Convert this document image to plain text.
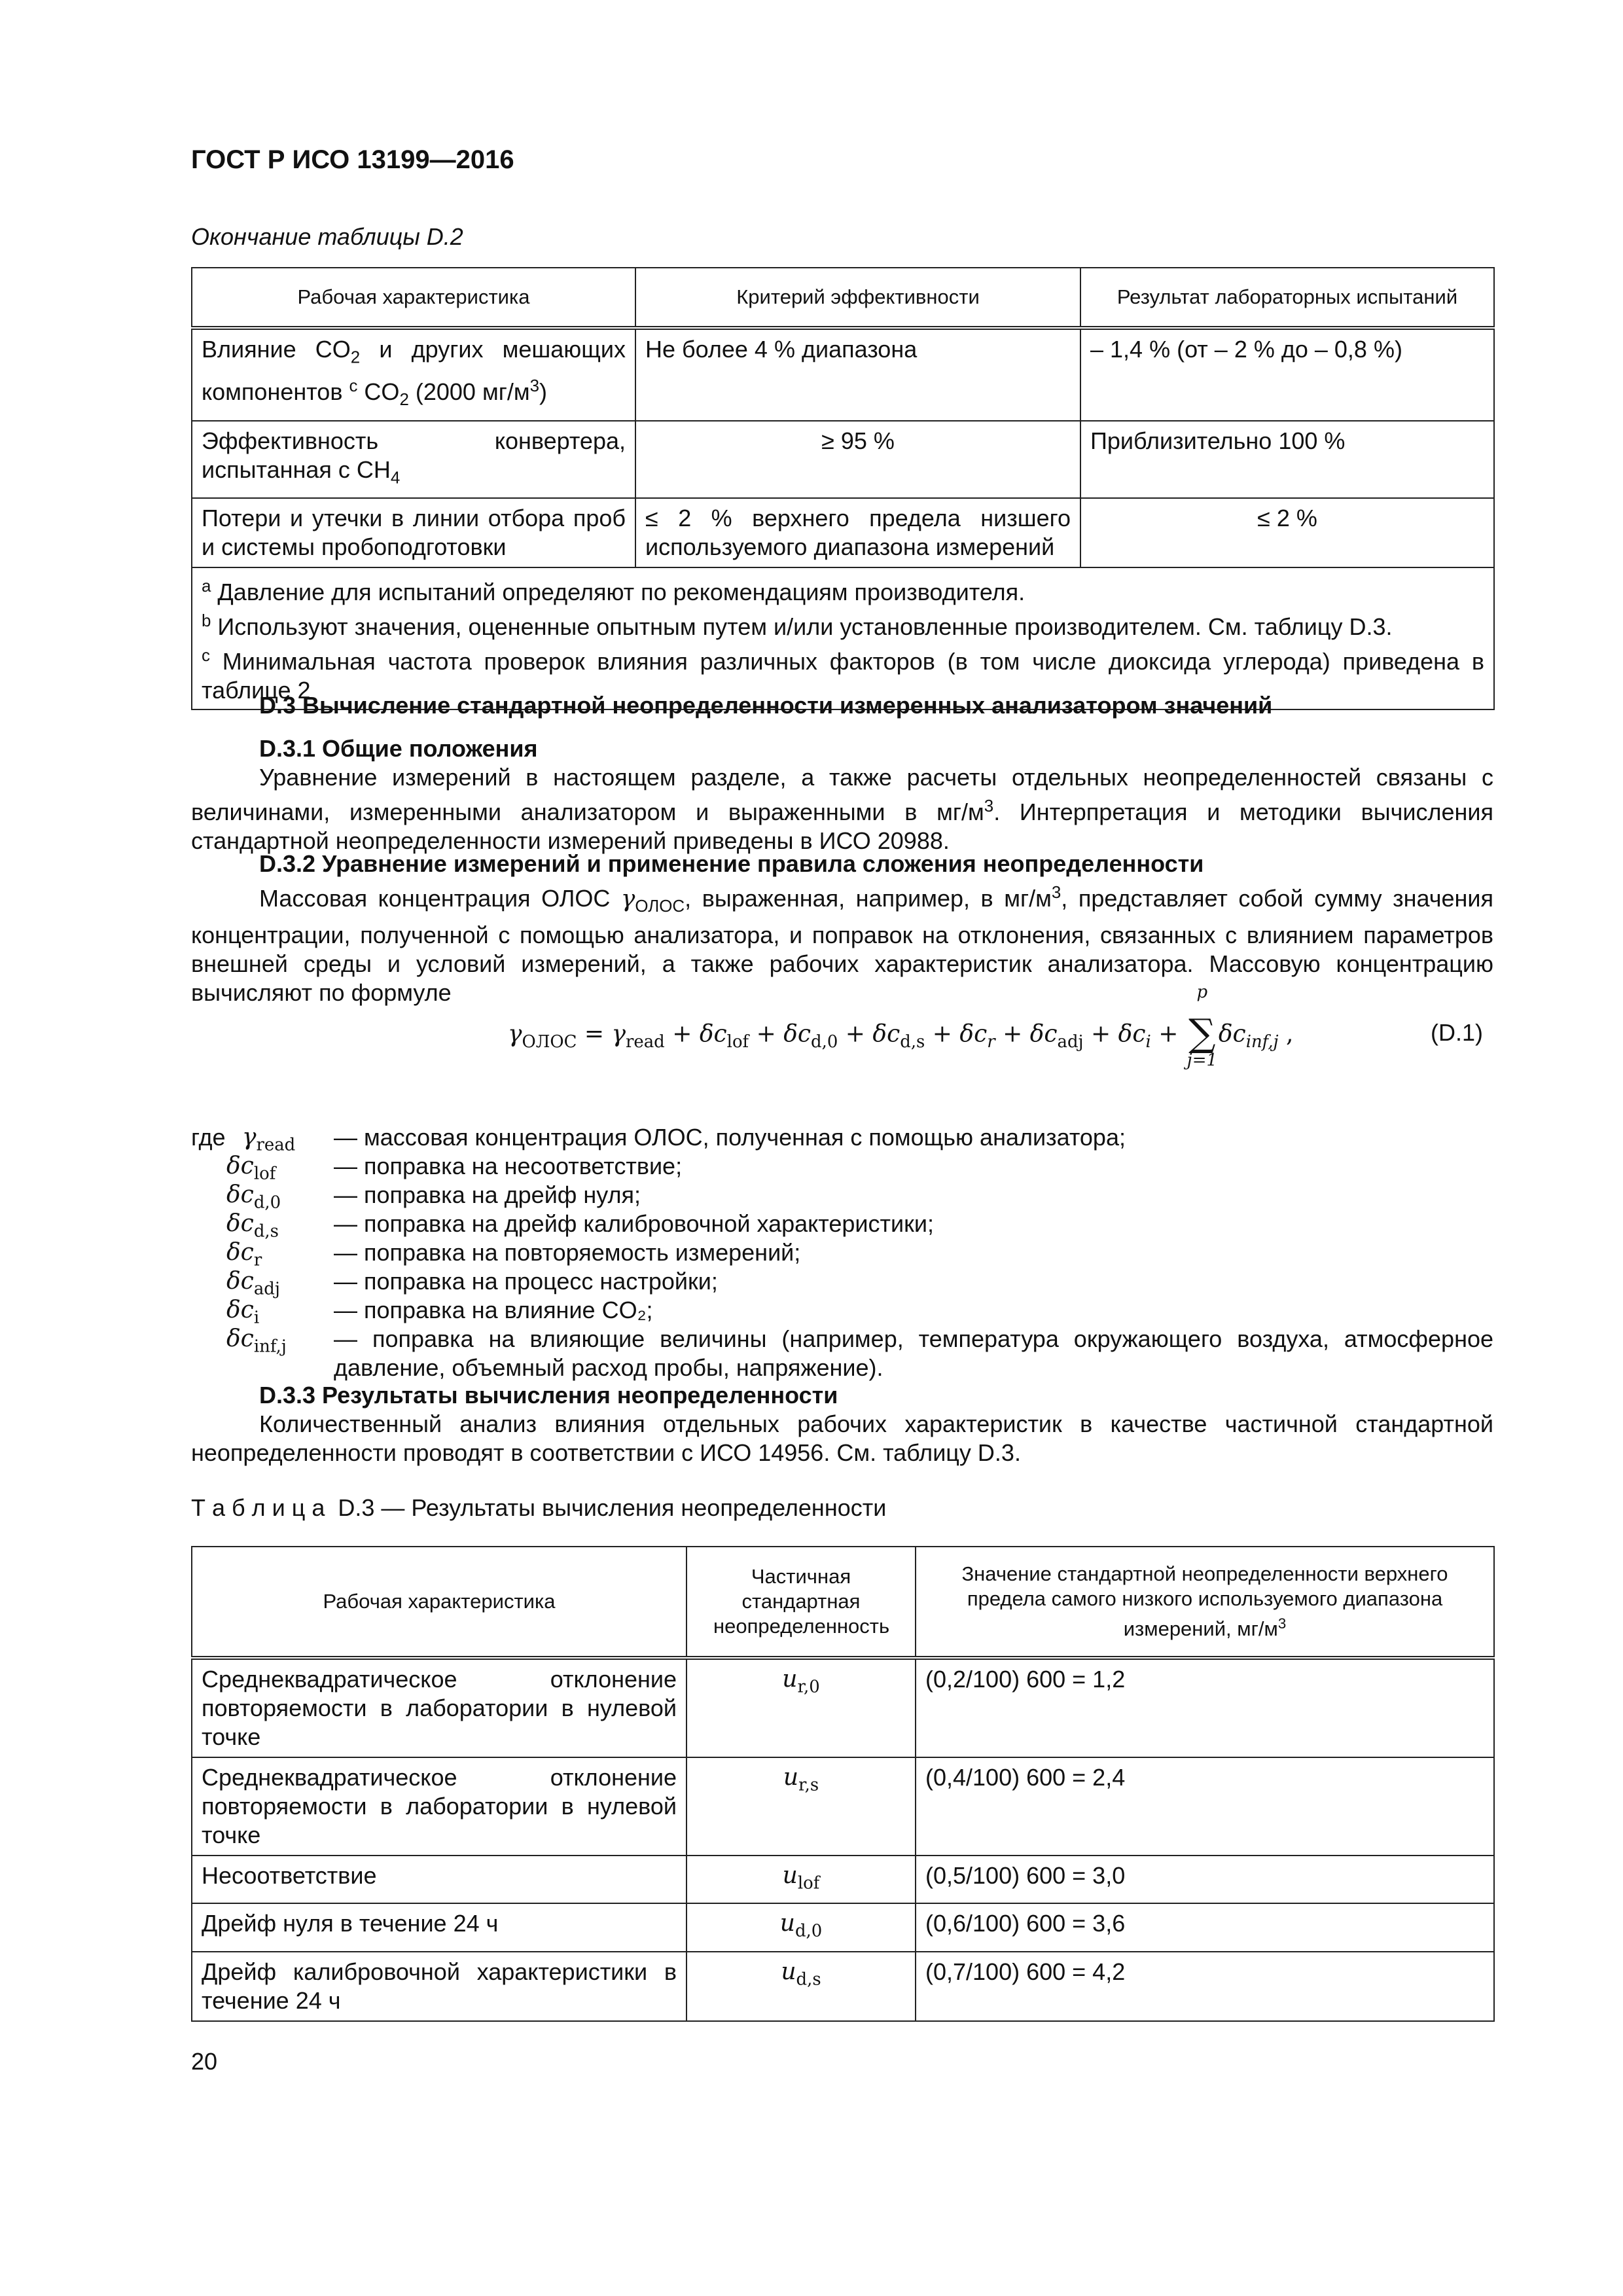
ГОСТ Р ИСО 13199—2016
Окончание таблицы D.2
Рабочая характеристика	Критерий эффективности	Результат лабораторных испытаний
Влияние $CO_2$ и других мешающих компонентов $^c$ $CO_2$ (2000 $мг/м^3$)	Не более 4 % диапазона	– 1,4 % (от – 2 % до – 0,8 %)
Эффективность конвертера, испытанная с $CH_4$	≥ 95 %	Приблизительно 100 %
Потери и утечки в линии отбора проб и системы пробоподготовки	≤ 2 % верхнего предела низшего используемого диапазона измерений	≤ 2 %

$^a$ Давление для испытаний определяют по рекомендациям производителя.
$^b$ Используют значения, оцененные опытным путем и/или установленные производителем. См. таблицу D.3.
$^c$ Минимальная частота проверок влияния различных факторов (в том числе диоксида углерода) приведена в таблице 2		
D.3 Вычисление стандартной неопределенности измеренных анализатором значений
D.3.1 Общие положения
Уравнение измерений в настоящем разделе, а также расчеты отдельных неопределенностей связаны с величинами, измеренными анализатором и выраженными в $мг/м^3$. Интерпретация и методики вычисления стандартной неопределенности измерений приведены в ИСО 20988.
D.3.2 Уравнение измерений и применение правила сложения неопределенности
Массовая концентрация ОЛОС $\gamma_{ОЛОС}$, выраженная, например, в $мг/м^3$, представляет собой сумму значения концентрации, полученной с помощью анализатора, и поправок на отклонения, связанных с влиянием параметров внешней среды и условий измерений, а также рабочих характеристик анализатора. Массовую концентрацию вычисляют по формуле
$\gamma_{ОЛОС} = \gamma_{read} + \delta c_{lof} + \delta c_{d,0} + \delta c_{d,s} + \delta c_r + \delta c_{adj} + \delta c_i$ +
p
∑
j=1
$\delta c_{inf,j}$ ,	(D.1)
где $\gamma_{read}$	— массовая концентрация ОЛОС, полученная с помощью анализатора;
$\delta c_{lof}$	— поправка на несоответствие;
$\delta c_{d,0}$	— поправка на дрейф нуля;
$\delta c_{d,s}$	— поправка на дрейф калибровочной характеристики;
$\delta c_r$	— поправка на повторяемость измерений;
$\delta c_{adj}$	— поправка на процесс настройки;
$\delta c_i$	— поправка на влияние CO₂;
$\delta c_{inf,j}$	— поправка на влияющие величины (например, температура окружающего воздуха, атмосферное давление, объемный расход пробы, напряжение).
D.3.3 Результаты вычисления неопределенности
Количественный анализ влияния отдельных рабочих характеристик в качестве частичной стандартной неопределенности проводят в соответствии с ИСО 14956. См. таблицу D.3.
Т а б л и ц а  D.3 — Результаты вычисления неопределенности
Рабочая характеристика	Частичная стандартная неопределенность	Значение стандартной неопределенности верхнего предела самого низкого используемого диапазона измерений, $мг/м^3$
Среднеквадратическое отклонение повторяемости в лаборатории в нулевой точке	$u_{r,0}$	(0,2/100) 600 = 1,2
Среднеквадратическое отклонение повторяемости в лаборатории в нулевой точке	$u_{r,s}$	(0,4/100) 600 = 2,4
Несоответствие	$u_{lof}$	(0,5/100) 600 = 3,0
Дрейф нуля в течение 24 ч	$u_{d,0}$	(0,6/100) 600 = 3,6
Дрейф калибровочной характеристики в течение 24 ч	$u_{d,s}$	(0,7/100) 600 = 4,2
20
